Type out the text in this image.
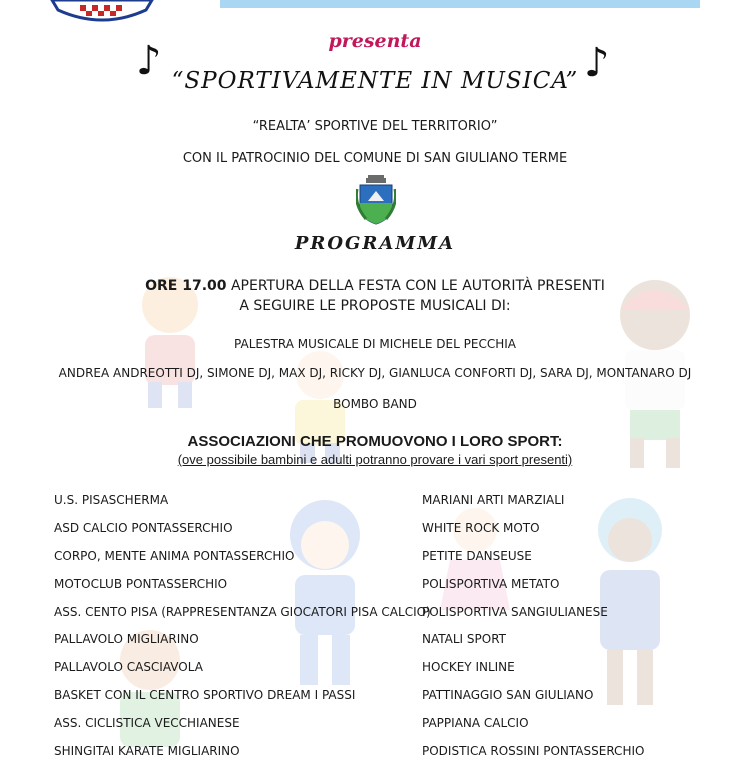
presenta
♪	♪
“SPORTIVAMENTE IN MUSICA”
“REALTA’ SPORTIVE DEL TERRITORIO”
CON IL PATROCINIO DEL COMUNE DI SAN GIULIANO TERME
PROGRAMMA
ORE 17.00 APERTURA DELLA FESTA CON LE AUTORITÀ PRESENTI
A SEGUIRE LE PROPOSTE MUSICALI DI:
PALESTRA MUSICALE DI MICHELE DEL PECCHIA
ANDREA ANDREOTTI DJ, SIMONE DJ, MAX DJ, RICKY DJ, GIANLUCA CONFORTI DJ, SARA DJ, MONTANARO DJ
BOMBO BAND
ASSOCIAZIONI CHE PROMUOVONO I LORO SPORT:
(ove possibile bambini e adulti potranno provare i vari sport presenti)
U.S. PISASCHERMA
ASD CALCIO PONTASSERCHIO
CORPO, MENTE ANIMA PONTASSERCHIO
MOTOCLUB PONTASSERCHIO
ASS. CENTO PISA (RAPPRESENTANZA GIOCATORI PISA CALCIO)
PALLAVOLO MIGLIARINO
PALLAVOLO CASCIAVOLA
BASKET CON IL CENTRO SPORTIVO DREAM I PASSI
ASS. CICLISTICA VECCHIANESE
SHINGITAI KARATE MIGLIARINO
MARIANI ARTI MARZIALI
WHITE ROCK MOTO
PETITE DANSEUSE
POLISPORTIVA METATO
POLISPORTIVA SANGIULIANESE
NATALI SPORT
HOCKEY INLINE
PATTINAGGIO SAN GIULIANO
PAPPIANA CALCIO
PODISTICA ROSSINI PONTASSERCHIO
